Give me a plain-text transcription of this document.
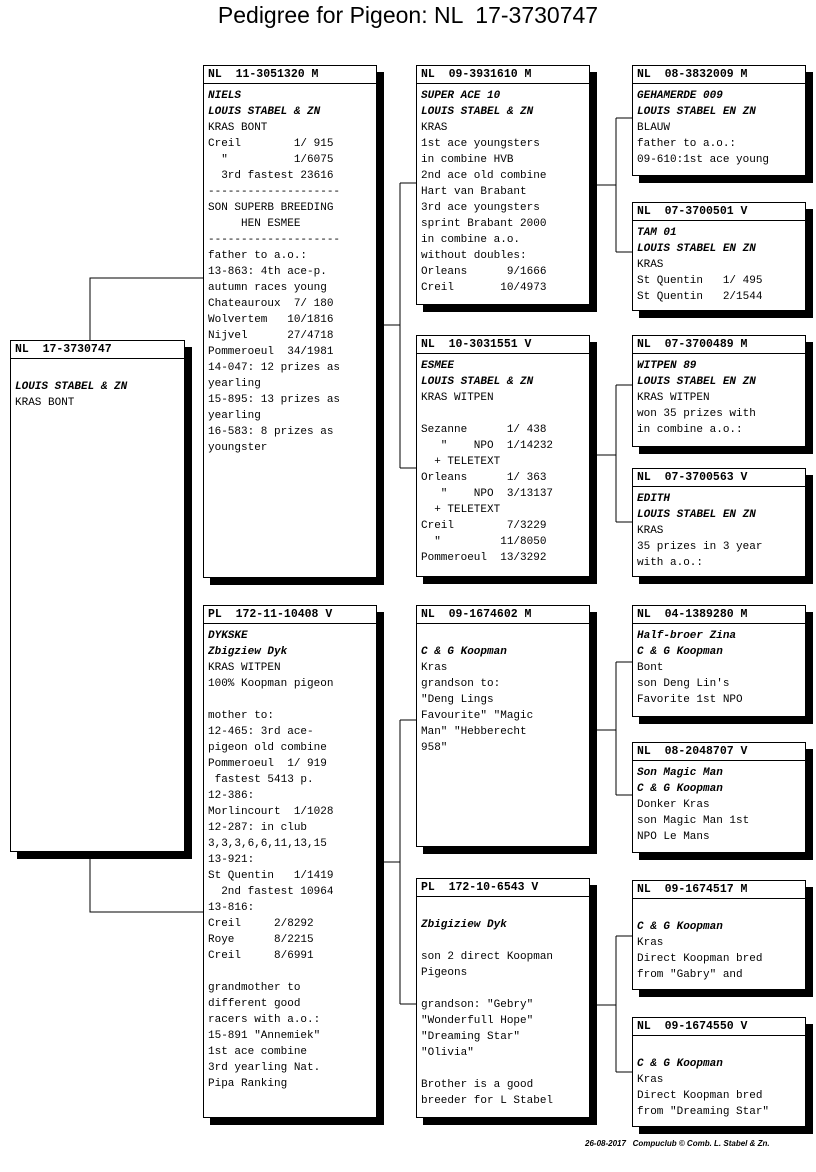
Pedigree for Pigeon: NL  17-3730747
NL  17-3730747
LOUIS STABEL & ZN
KRAS BONT
NL  11-3051320 M
NIELS
LOUIS STABEL & ZN
KRAS BONT
Creil        1/ 915
"          1/6075
3rd fastest 23616
--------------------
SON SUPERB BREEDING
HEN ESMEE
--------------------
father to a.o.:
13-863: 4th ace-p.
autumn races young
Chateauroux  7/ 180
Wolvertem   10/1816
Nijvel      27/4718
Pommeroeul  34/1981
14-047: 12 prizes as
yearling
15-895: 13 prizes as
yearling
16-583: 8 prizes as
youngster
PL  172-11-10408 V
DYKSKE
Zbigziew Dyk
KRAS WITPEN
100% Koopman pigeon
mother to:
12-465: 3rd ace-
pigeon old combine
Pommeroeul  1/ 919
fastest 5413 p.
12-386:
Morlincourt  1/1028
12-287: in club
3,3,3,6,6,11,13,15
13-921:
St Quentin   1/1419
2nd fastest 10964
13-816:
Creil     2/8292
Roye      8/2215
Creil     8/6991
grandmother to
different good
racers with a.o.:
15-891 "Annemiek"
1st ace combine
3rd yearling Nat.
Pipa Ranking
NL  09-3931610 M
SUPER ACE 10
LOUIS STABEL & ZN
KRAS
1st ace youngsters
in combine HVB
2nd ace old combine
Hart van Brabant
3rd ace youngsters
sprint Brabant 2000
in combine a.o.
without doubles:
Orleans      9/1666
Creil       10/4973
NL  10-3031551 V
ESMEE
LOUIS STABEL & ZN
KRAS WITPEN
Sezanne      1/ 438
"    NPO  1/14232
+ TELETEXT
Orleans      1/ 363
"    NPO  3/13137
+ TELETEXT
Creil        7/3229
"         11/8050
Pommeroeul  13/3292
NL  09-1674602 M
C & G Koopman
Kras
grandson to:
"Deng Lings
Favourite" "Magic
Man" "Hebberecht
958"
PL  172-10-6543 V
Zbigiziew Dyk
son 2 direct Koopman
Pigeons
grandson: "Gebry"
"Wonderfull Hope"
"Dreaming Star"
"Olivia"
Brother is a good
breeder for L Stabel
NL  08-3832009 M
GEHAMERDE 009
LOUIS STABEL EN ZN
BLAUW
father to a.o.:
09-610:1st ace young
NL  07-3700501 V
TAM 01
LOUIS STABEL EN ZN
KRAS
St Quentin   1/ 495
St Quentin   2/1544
NL  07-3700489 M
WITPEN 89
LOUIS STABEL EN ZN
KRAS WITPEN
won 35 prizes with
in combine a.o.:
NL  07-3700563 V
EDITH
LOUIS STABEL EN ZN
KRAS
35 prizes in 3 year
with a.o.:
NL  04-1389280 M
Half-broer Zina
C & G Koopman
Bont
son Deng Lin's
Favorite 1st NPO
NL  08-2048707 V
Son Magic Man
C & G Koopman
Donker Kras
son Magic Man 1st
NPO Le Mans
NL  09-1674517 M
C & G Koopman
Kras
Direct Koopman bred
from "Gabry" and
NL  09-1674550 V
C & G Koopman
Kras
Direct Koopman bred
from "Dreaming Star"
26-08-2017 Compuclub © Comb. L. Stabel & Zn.
